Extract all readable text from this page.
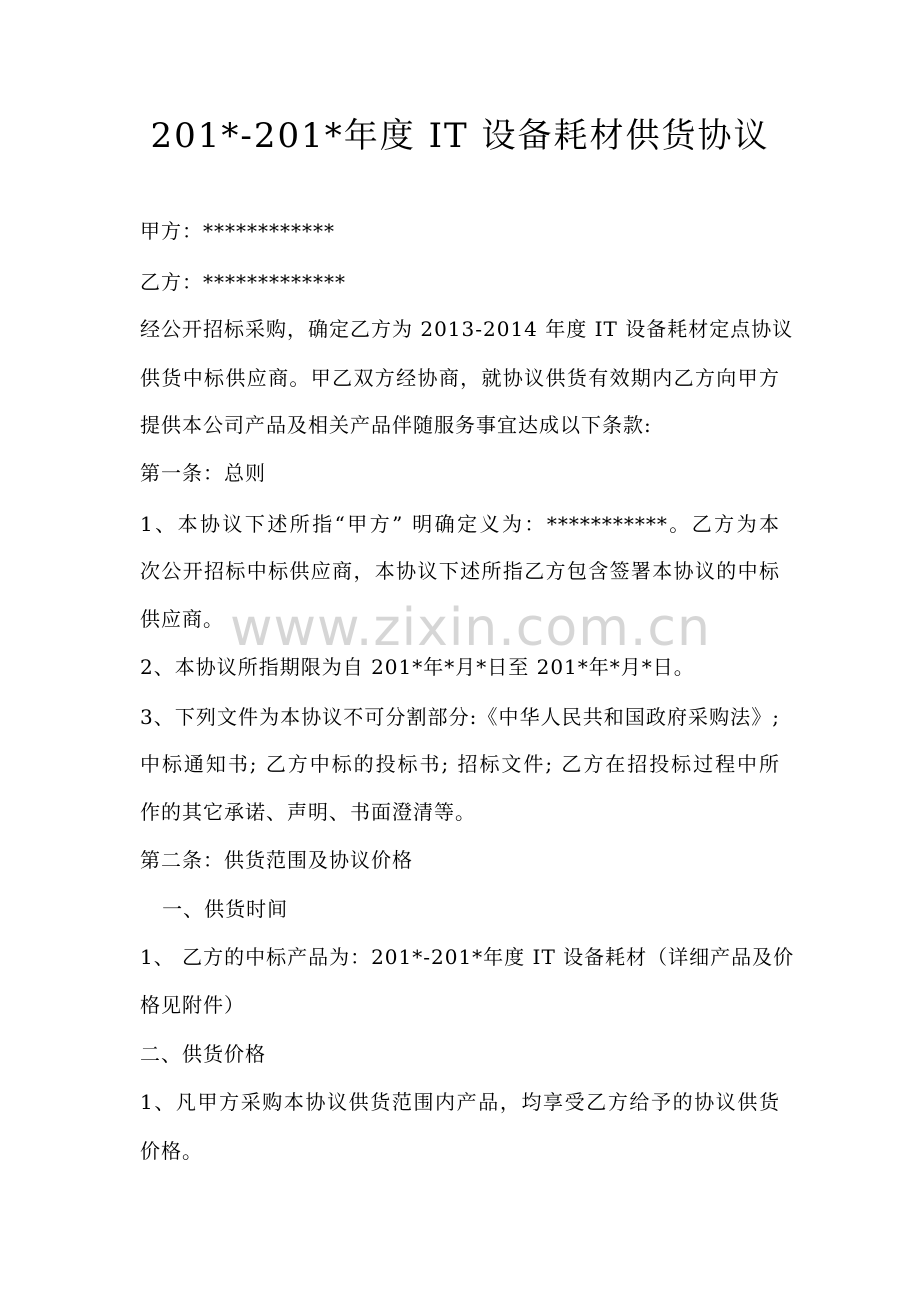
201*-201*年度 IT 设备耗材供货协议
甲方：************
乙方：*************
经公开招标采购，确定乙方为 2013-2014 年度 IT 设备耗材定点协议
供货中标供应商。甲乙双方经协商，就协议供货有效期内乙方向甲方
提供本公司产品及相关产品伴随服务事宜达成以下条款:
第一条：总则
1、本协议下述所指“甲方” 明确定义为：***********。乙方为本
次公开招标中标供应商，本协议下述所指乙方包含签署本协议的中标
供应商。
2、本协议所指期限为自 201*年*月*日至 201*年*月*日。
3、下列文件为本协议不可分割部分:《中华人民共和国政府采购法》;
中标通知书; 乙方中标的投标书; 招标文件; 乙方在招投标过程中所
作的其它承诺、声明、书面澄清等。
第二条：供货范围及协议价格
一、供货时间
1、 乙方的中标产品为：201*-201*年度 IT 设备耗材（详细产品及价
格见附件）
二、供货价格
1、凡甲方采购本协议供货范围内产品，均享受乙方给予的协议供货
价格。
www.zixin.com.cn
